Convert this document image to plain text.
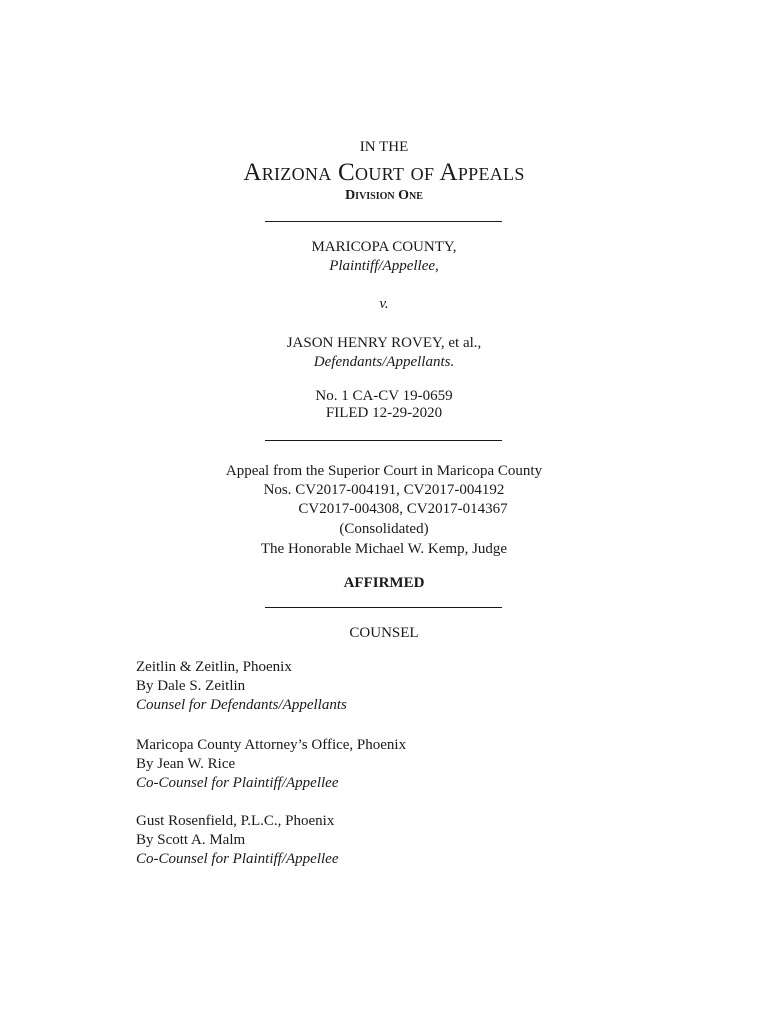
IN THE
Arizona Court of Appeals
Division One
MARICOPA COUNTY,
Plaintiff/Appellee,
v.
JASON HENRY ROVEY, et al.,
Defendants/Appellants.
No. 1 CA-CV 19-0659
FILED 12-29-2020
Appeal from the Superior Court in Maricopa County
Nos. CV2017-004191, CV2017-004192
CV2017-004308, CV2017-014367
(Consolidated)
The Honorable Michael W. Kemp, Judge
AFFIRMED
COUNSEL
Zeitlin & Zeitlin, Phoenix
By Dale S. Zeitlin
Counsel for Defendants/Appellants
Maricopa County Attorney’s Office, Phoenix
By Jean W. Rice
Co-Counsel for Plaintiff/Appellee
Gust Rosenfield, P.L.C., Phoenix
By Scott A. Malm
Co-Counsel for Plaintiff/Appellee
